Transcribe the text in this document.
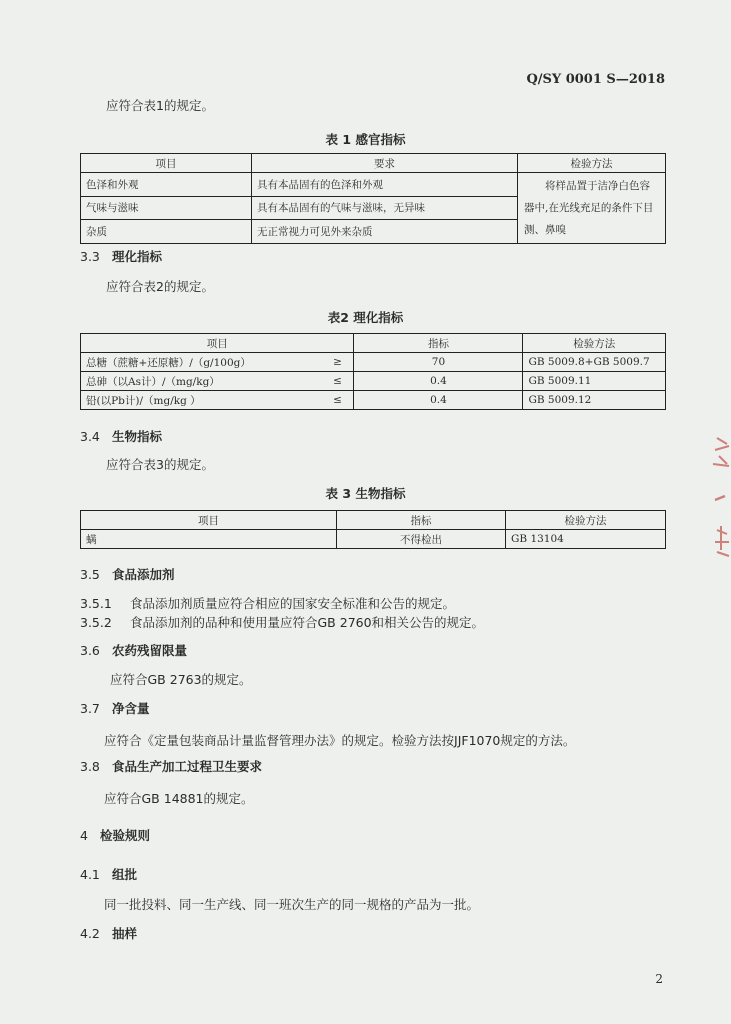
Q/SY 0001 S—2018
应符合表1的规定。
表 1 感官指标
项目	要求	检验方法
色泽和外观	具有本品固有的色泽和外观	将样品置于洁净白色容
器中,在光线充足的条件下目
测、鼻嗅

气味与滋味	具有本品固有的气味与滋味，无异味	
杂质	无正常视力可见外来杂质	
3.3 理化指标
应符合表2的规定。
表2 理化指标
项目		指标	检验方法
总糖（蔗糖+还原糖）/（g/100g）	≥	70	GB 5009.8+GB 5009.7
总砷（以As计）/（mg/kg）	≤	0.4	GB 5009.11
铅(以Pb计)/（mg/kg ）	≤	0.4	GB 5009.12
3.4 生物指标
应符合表3的规定。
表 3 生物指标
项目	指标	检验方法
螨	不得检出	GB 13104
3.5 食品添加剂
3.5.1 食品添加剂质量应符合相应的国家安全标准和公告的规定。
3.5.2 食品添加剂的品种和使用量应符合GB 2760和相关公告的规定。
3.6 农药残留限量
应符合GB 2763的规定。
3.7 净含量
应符合《定量包装商品计量监督管理办法》的规定。检验方法按JJF1070规定的方法。
3.8 食品生产加工过程卫生要求
应符合GB 14881的规定。
4 检验规则
4.1 组批
同一批投料、同一生产线、同一班次生产的同一规格的产品为一批。
4.2 抽样
2
